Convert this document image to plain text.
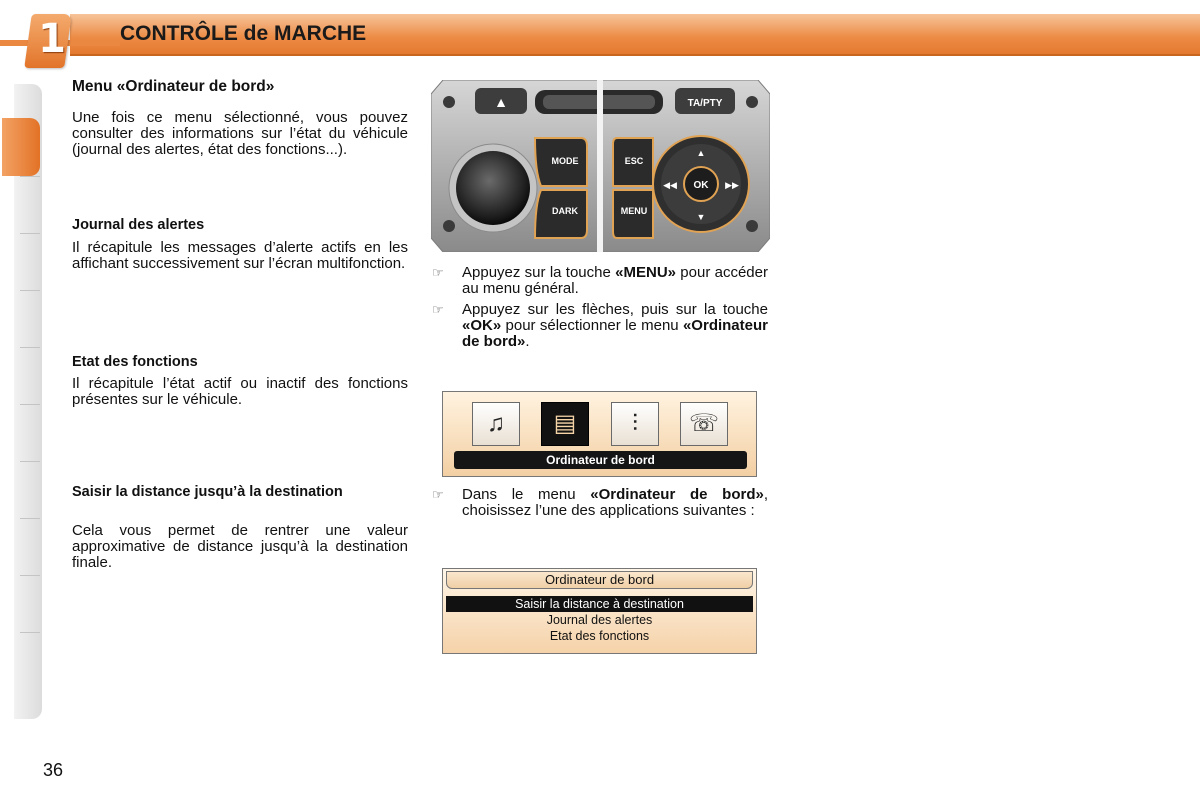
1	CONTRÔLE de MARCHE
Menu «Ordinateur de bord»
Une fois ce menu sélectionné, vous pouvez consulter des informations sur l’état du véhicule (journal des alertes, état des fonctions...).
Journal des alertes
Il récapitule les messages d’alerte actifs en les affichant successivement sur l’écran multifonction.
Etat des fonctions
Il récapitule l’état actif ou inactif des fonctions présentes sur le véhicule.
Saisir la distance jusqu’à la destination
Cela vous permet de rentrer une valeur approximative de distance jusqu’à la destination finale.
▲	TA/PTY
MODE
DARK
ESC
MENU
OK
▲
▼
◀◀	▶▶
☞ Appuyez sur la touche «MENU» pour accéder au menu général.
☞ Appuyez sur les flèches, puis sur la touche «OK» pour sélectionner le menu «Ordinateur de bord».
♫	▤	⫶	☏
Ordinateur de bord
☞ Dans le menu «Ordinateur de bord», choisissez l’une des applications suivantes :
Ordinateur de bord
Saisir la distance à destination
Journal des alertes
Etat des fonctions
36
